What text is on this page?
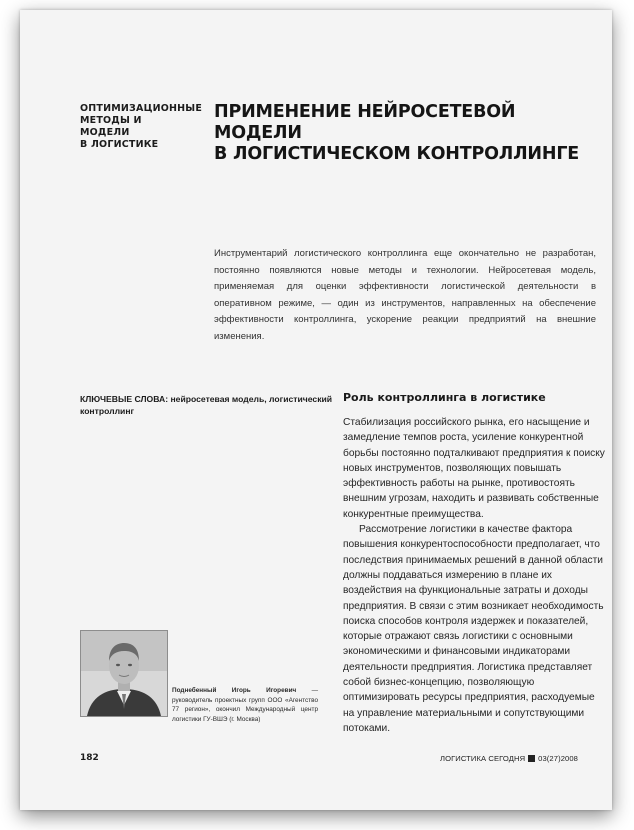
ОПТИМИЗАЦИОННЫЕ
МЕТОДЫ И МОДЕЛИ
В ЛОГИСТИКЕ
ПРИМЕНЕНИЕ НЕЙРОСЕТЕВОЙ МОДЕЛИ
В ЛОГИСТИЧЕСКОМ КОНТРОЛЛИНГЕ

Инструментарий логистического контроллинга еще окончательно не разработан, постоянно появляются новые методы и технологии. Нейросетевая модель, применяемая для оценки эффективности логистической деятельности в оперативном режиме, — один из инструментов, направленных на обеспечение эффективности контроллинга, ускорение реакции предприятий на внешние изменения.

КЛЮЧЕВЫЕ СЛОВА: нейросетевая модель, логистический контроллинг
Роль контроллинга в логистике

Стабилизация российского рынка, его насыщение и замедление темпов роста, усиление конкурентной борьбы постоянно подталкивают предприятия к поиску новых инструментов, позволяющих повышать эффективность работы на рынке, противостоять внешним угрозам, находить и развивать собственные конкурентные преимущества.

Рассмотрение логистики в качестве фактора повышения конкурентоспособности предполагает, что последствия принимаемых решений в данной области должны поддаваться измерению в плане их воздействия на функциональные затраты и доходы предприятия. В связи с этим возникает необходимость поиска способов контроля издержек и показателей, которые отражают связь логистики с основными экономическими и финансовыми индикаторами деятельности предприятия. Логистика представляет собой бизнес-концепцию, позволяющую оптимизировать ресурсы предприятия, расходуемые на управление материальными и сопутствующими потоками.

Поднебенный Игорь Игоревич — руководитель проектных групп ООО «Агентство 77 регион», окончил Международный центр логистики ГУ-ВШЭ (г. Москва)
182	ЛОГИСТИКА СЕГОДНЯ 03(27)2008
